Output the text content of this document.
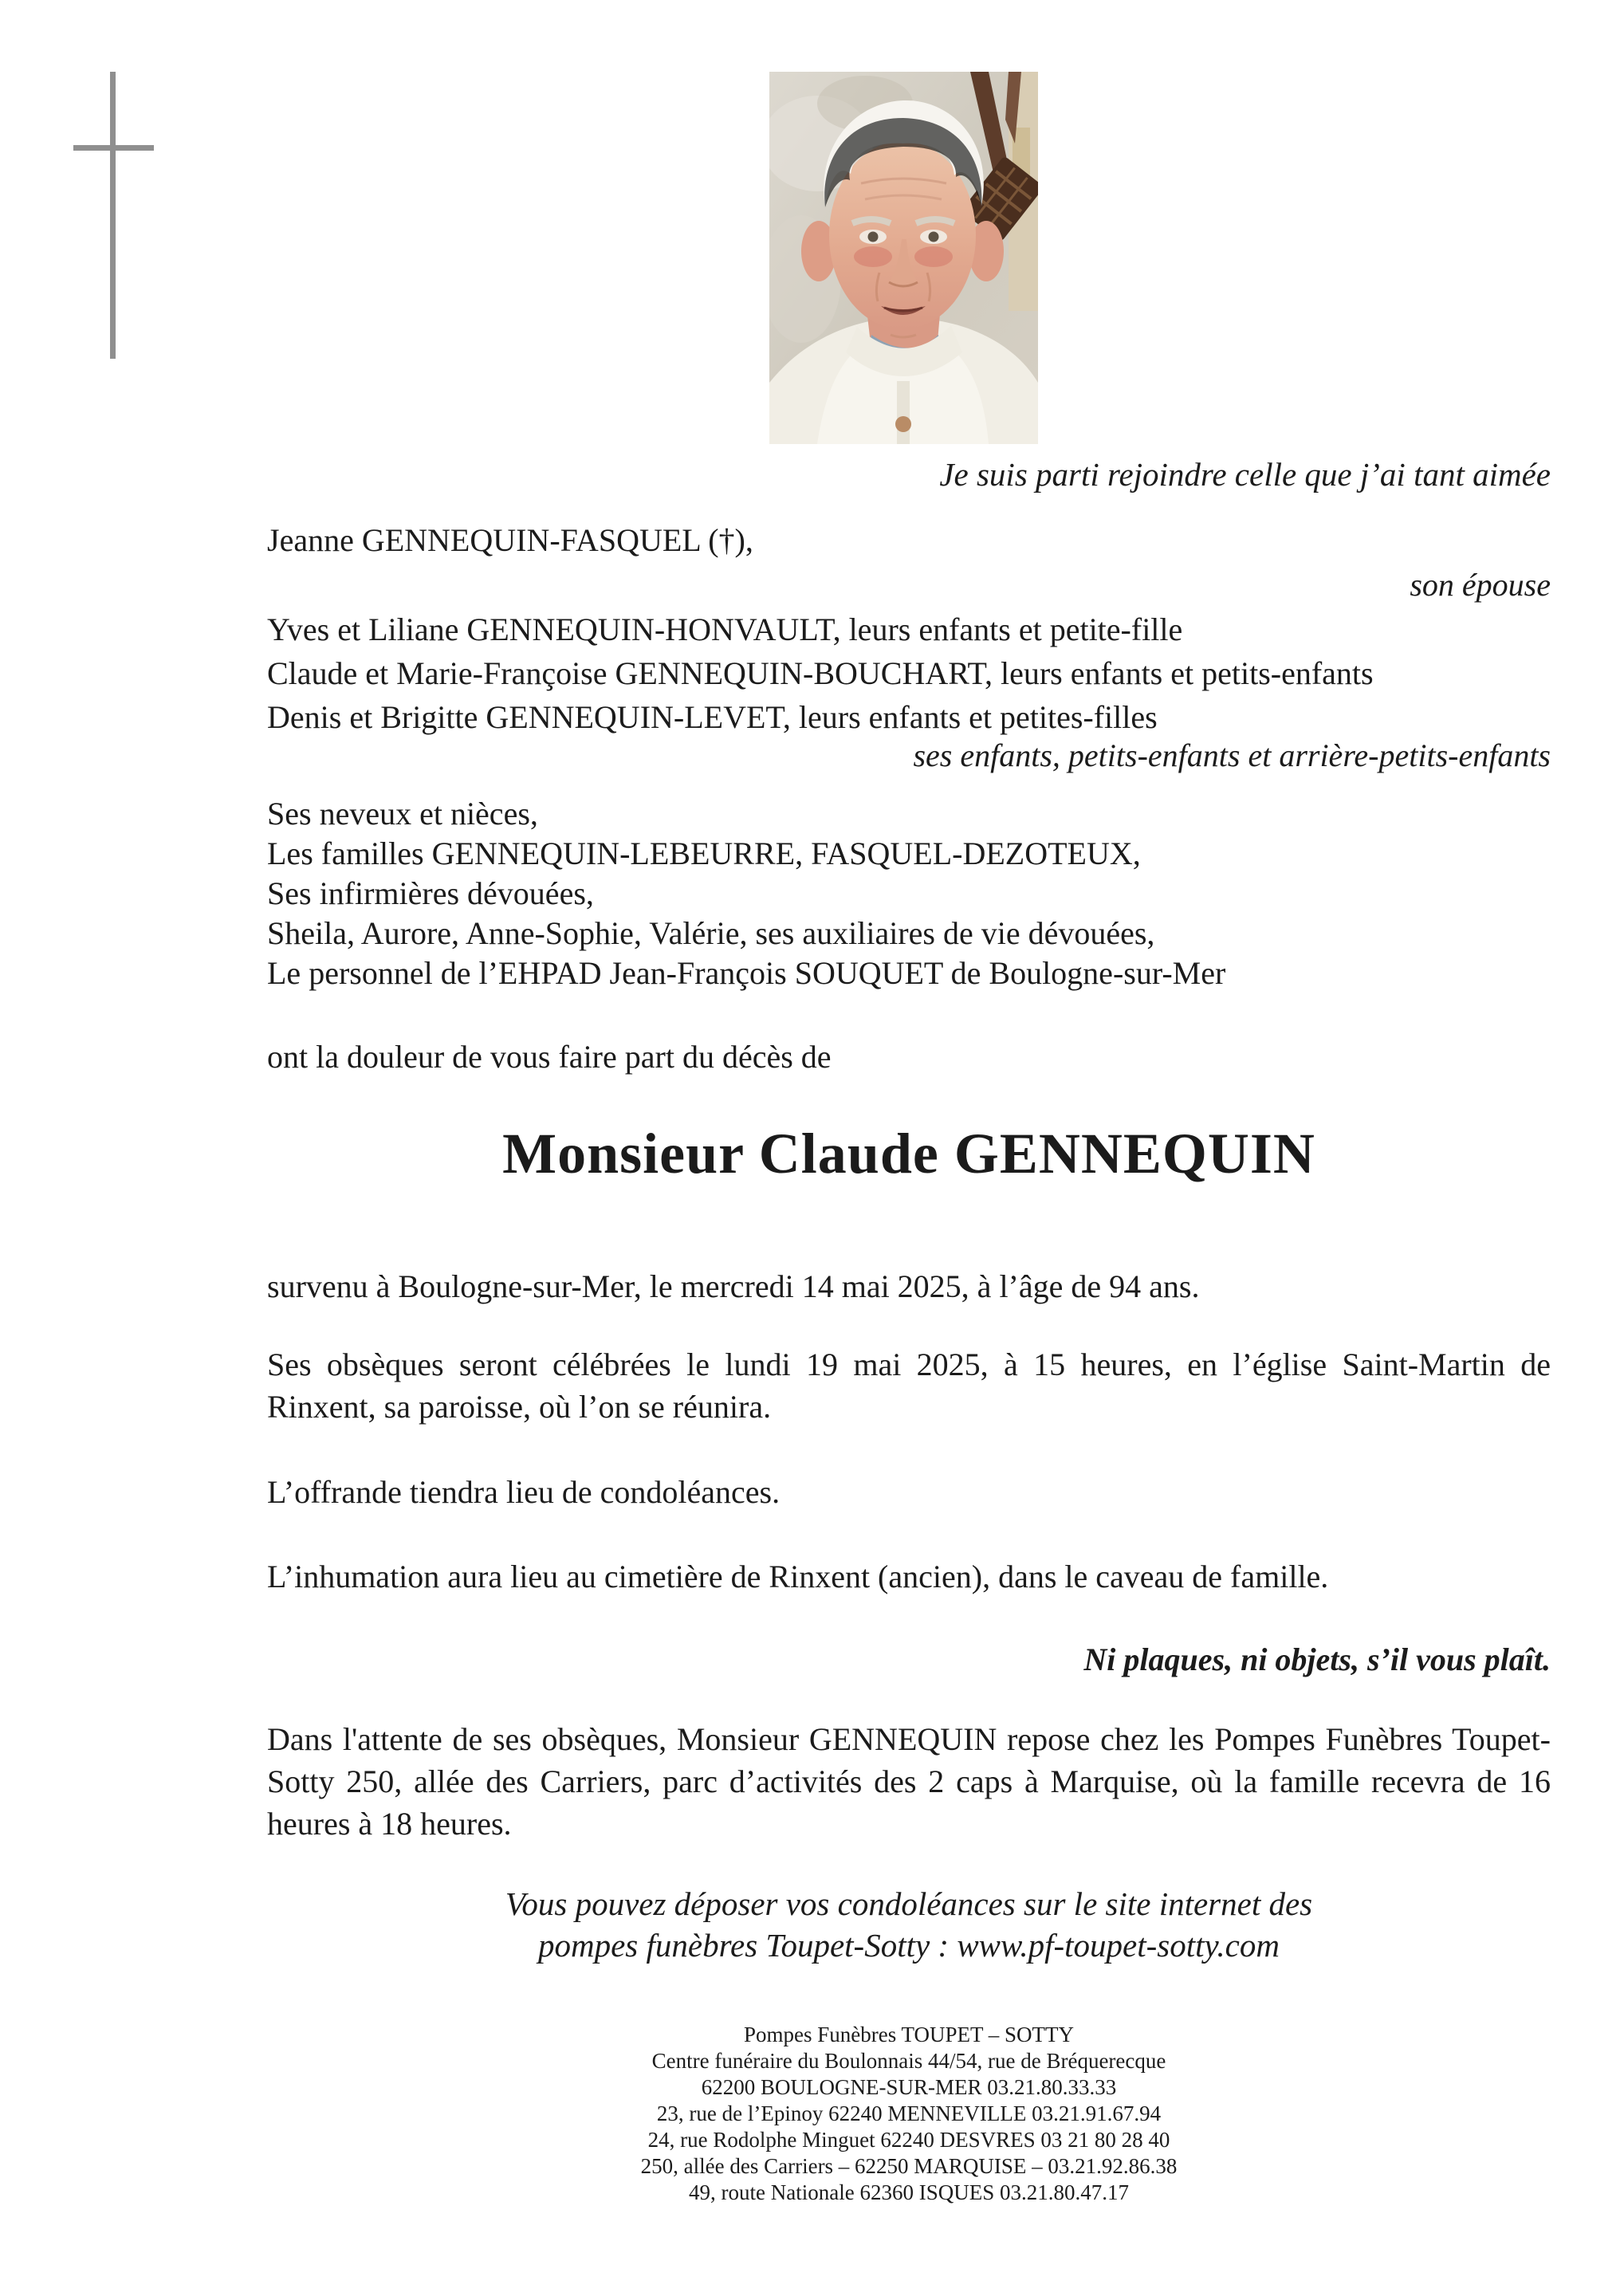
Je suis parti rejoindre celle que j’ai tant aimée
Jeanne GENNEQUIN-FASQUEL (†),
son épouse
Yves et Liliane GENNEQUIN-HONVAULT, leurs enfants et petite-fille
Claude et Marie-Françoise GENNEQUIN-BOUCHART, leurs enfants et petits-enfants
Denis et Brigitte GENNEQUIN-LEVET, leurs enfants et petites-filles
ses enfants, petits-enfants et arrière-petits-enfants
Ses neveux et nièces,
Les familles GENNEQUIN-LEBEURRE, FASQUEL-DEZOTEUX,
Ses infirmières dévouées,
Sheila, Aurore, Anne-Sophie, Valérie, ses auxiliaires de vie dévouées,
Le personnel de l’EHPAD Jean-François SOUQUET de Boulogne-sur-Mer
ont la douleur de vous faire part du décès de
Monsieur Claude GENNEQUIN
survenu à Boulogne-sur-Mer, le mercredi 14 mai 2025, à l’âge de 94 ans.
Ses obsèques seront célébrées le lundi 19 mai 2025, à 15 heures, en l’église Saint-Martin de Rinxent, sa paroisse, où l’on se réunira.
L’offrande tiendra lieu de condoléances.
L’inhumation aura lieu au cimetière de Rinxent (ancien), dans le caveau de famille.
Ni plaques, ni objets, s’il vous plaît.
Dans l'attente de ses obsèques, Monsieur GENNEQUIN repose chez les Pompes Funèbres Toupet-Sotty 250, allée des Carriers, parc d’activités des 2 caps à Marquise, où la famille recevra de 16 heures à 18 heures.
Vous pouvez déposer vos condoléances sur le site internet des
pompes funèbres Toupet-Sotty : www.pf-toupet-sotty.com
Pompes Funèbres TOUPET – SOTTY
Centre funéraire du Boulonnais 44/54, rue de Bréquerecque
62200 BOULOGNE-SUR-MER 03.21.80.33.33
23, rue de l’Epinoy 62240 MENNEVILLE 03.21.91.67.94
24, rue Rodolphe Minguet 62240 DESVRES 03 21 80 28 40
250, allée des Carriers – 62250 MARQUISE – 03.21.92.86.38
49, route Nationale 62360 ISQUES 03.21.80.47.17
